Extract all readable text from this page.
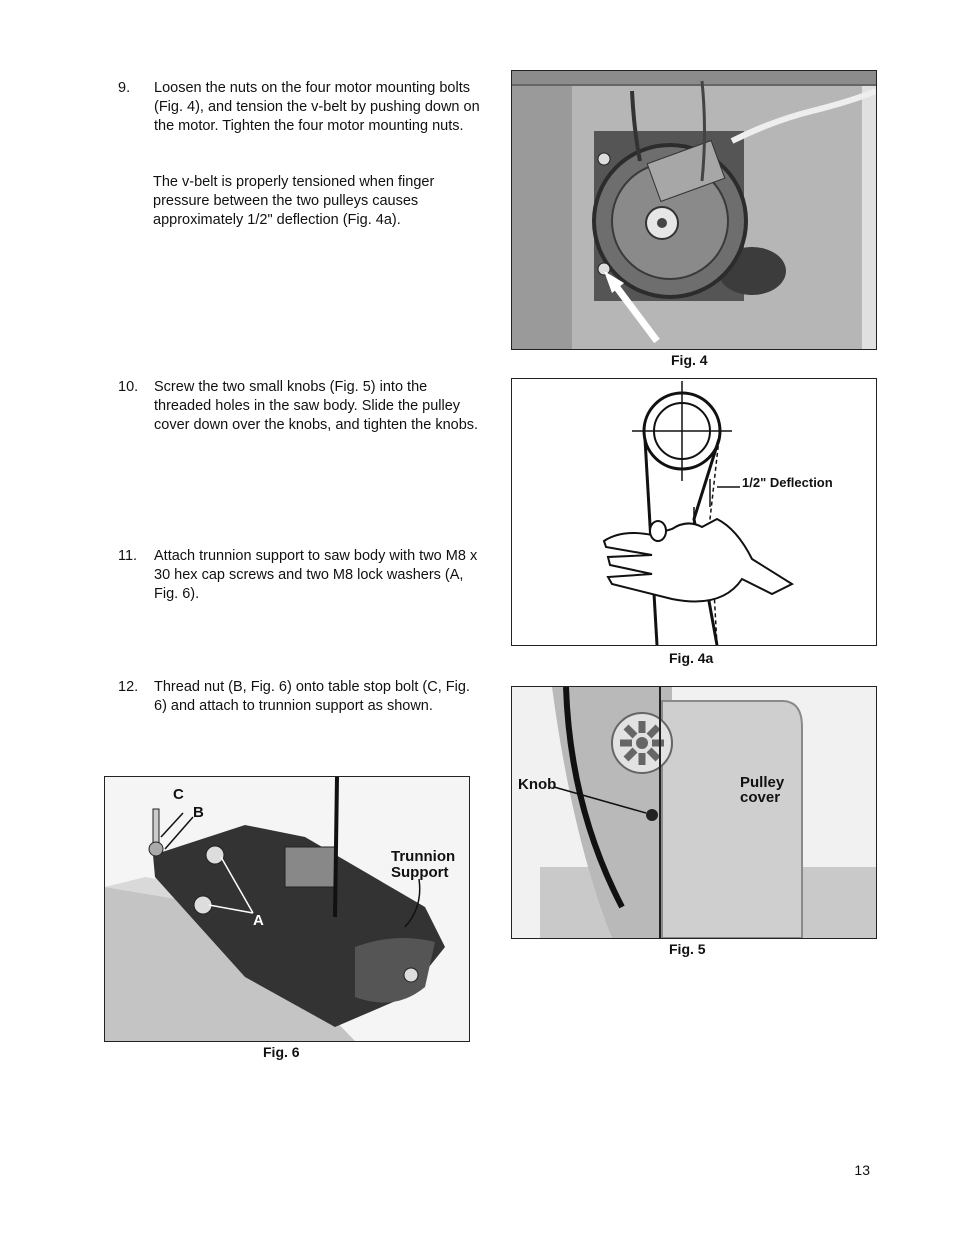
9. Loosen the nuts on the four motor mounting bolts (Fig. 4), and tension the v-belt by pushing down on the motor. Tighten the four motor mounting nuts.
The v-belt is properly tensioned when finger pressure between the two pulleys causes approximately 1/2" deflection (Fig. 4a).
10. Screw the two small knobs (Fig. 5) into the threaded holes in the saw body. Slide the pulley cover down over the knobs, and tighten the knobs.
11. Attach trunnion support to saw body with two M8 x 30 hex cap screws and two M8 lock washers (A, Fig. 6).
12. Thread nut (B, Fig. 6) onto table stop bolt (C, Fig. 6) and attach to trunnion support as shown.
Fig. 4
1/2" Deflection
Fig. 4a
Knob	Pulley
cover
Fig. 5
C
B
A
Trunnion
Support
Fig. 6
13
